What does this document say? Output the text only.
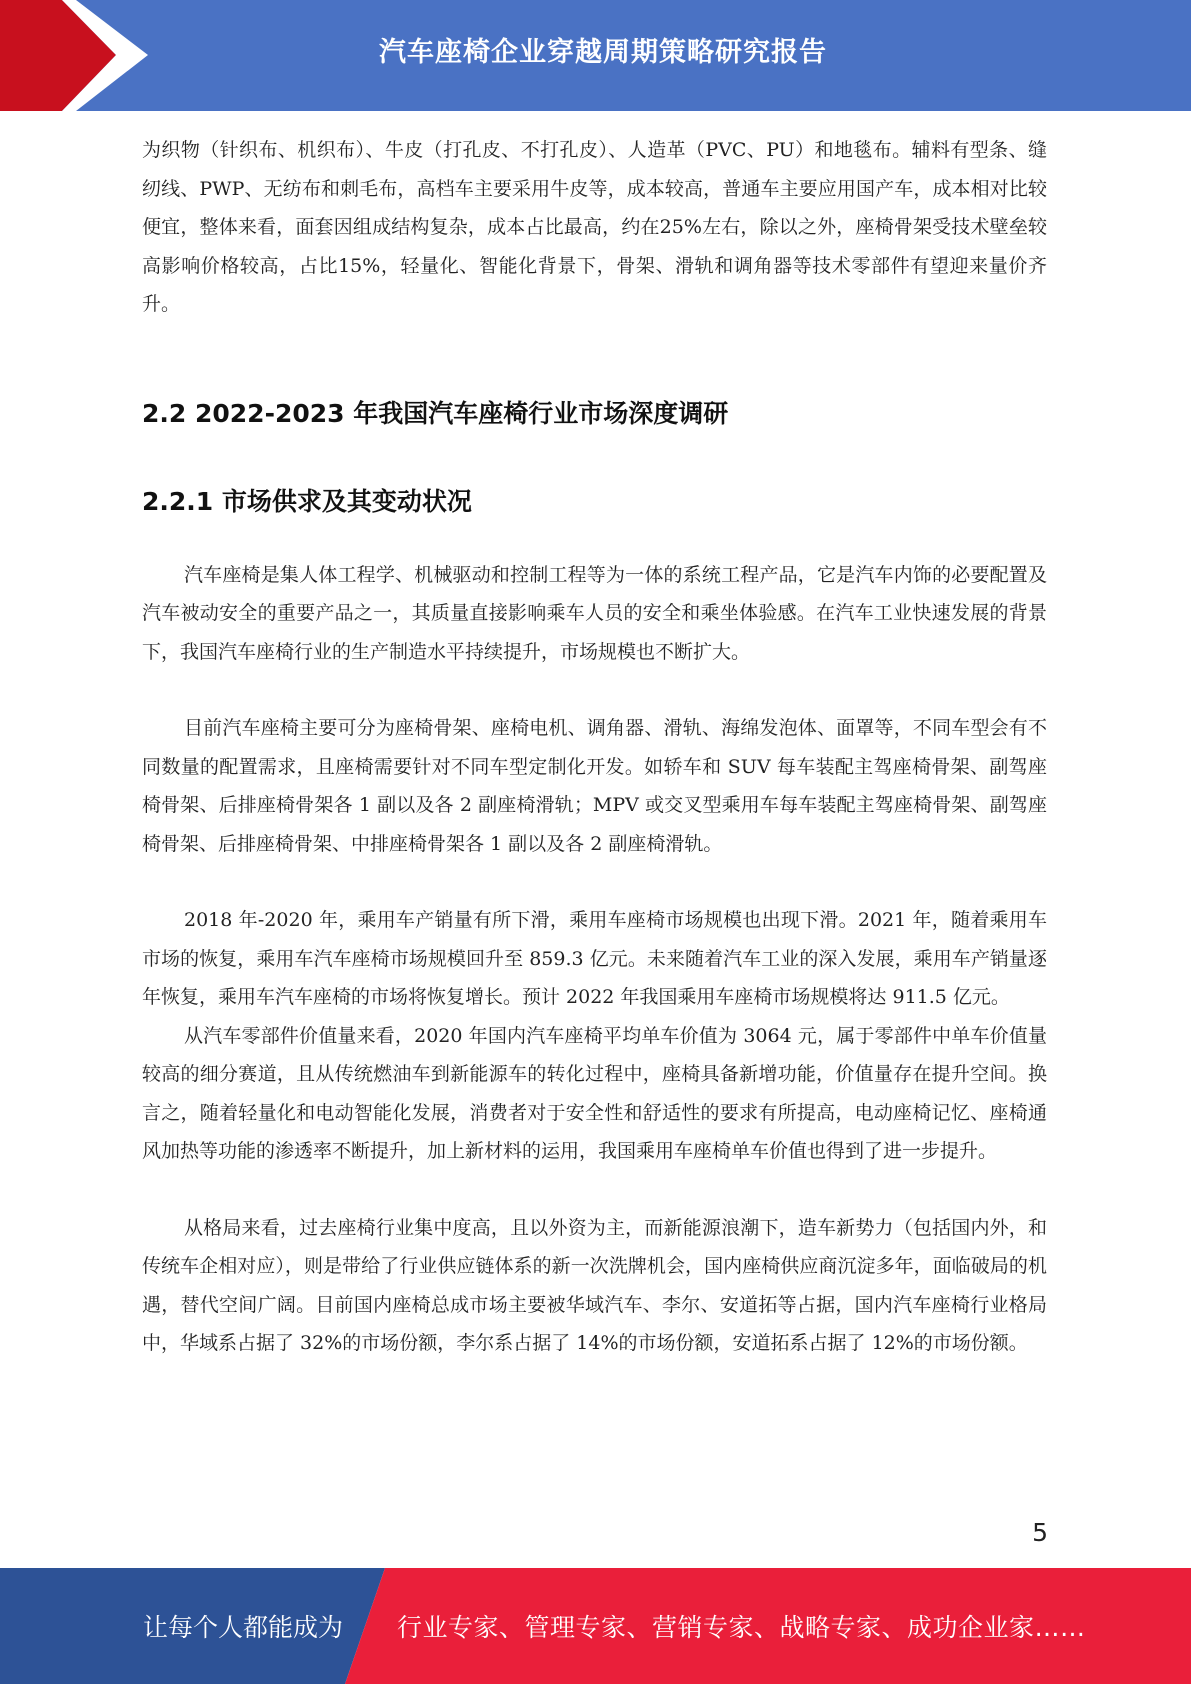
汽车座椅企业穿越周期策略研究报告

为织物（针织布、机织布）、牛皮（打孔皮、不打孔皮）、人造革（PVC、PU）和地毯布。辅料有型条、缝纫线、PWP、无纺布和刺毛布，高档车主要采用牛皮等，成本较高，普通车主要应用国产车，成本相对比较便宜，整体来看，面套因组成结构复杂，成本占比最高，约在25%左右，除以之外，座椅骨架受技术壁垒较高影响价格较高，占比15%，轻量化、智能化背景下，骨架、滑轨和调角器等技术零部件有望迎来量价齐升。

2.2 2022-2023 年我国汽车座椅行业市场深度调研
2.2.1 市场供求及其变动状况

汽车座椅是集人体工程学、机械驱动和控制工程等为一体的系统工程产品，它是汽车内饰的必要配置及汽车被动安全的重要产品之一，其质量直接影响乘车人员的安全和乘坐体验感。在汽车工业快速发展的背景下，我国汽车座椅行业的生产制造水平持续提升，市场规模也不断扩大。

目前汽车座椅主要可分为座椅骨架、座椅电机、调角器、滑轨、海绵发泡体、面罩等，不同车型会有不同数量的配置需求，且座椅需要针对不同车型定制化开发。如轿车和 SUV 每车装配主驾座椅骨架、副驾座椅骨架、后排座椅骨架各 1 副以及各 2 副座椅滑轨；MPV 或交叉型乘用车每车装配主驾座椅骨架、副驾座椅骨架、后排座椅骨架、中排座椅骨架各 1 副以及各 2 副座椅滑轨。

2018 年-2020 年，乘用车产销量有所下滑，乘用车座椅市场规模也出现下滑。2021 年，随着乘用车市场的恢复，乘用车汽车座椅市场规模回升至 859.3 亿元。未来随着汽车工业的深入发展，乘用车产销量逐年恢复，乘用车汽车座椅的市场将恢复增长。预计 2022 年我国乘用车座椅市场规模将达 911.5 亿元。

从汽车零部件价值量来看，2020 年国内汽车座椅平均单车价值为 3064 元，属于零部件中单车价值量较高的细分赛道，且从传统燃油车到新能源车的转化过程中，座椅具备新增功能，价值量存在提升空间。换言之，随着轻量化和电动智能化发展，消费者对于安全性和舒适性的要求有所提高，电动座椅记忆、座椅通风加热等功能的渗透率不断提升，加上新材料的运用，我国乘用车座椅单车价值也得到了进一步提升。

从格局来看，过去座椅行业集中度高，且以外资为主，而新能源浪潮下，造车新势力（包括国内外，和传统车企相对应），则是带给了行业供应链体系的新一次洗牌机会，国内座椅供应商沉淀多年，面临破局的机遇，替代空间广阔。目前国内座椅总成市场主要被华域汽车、李尔、安道拓等占据，国内汽车座椅行业格局中，华域系占据了 32%的市场份额，李尔系占据了 14%的市场份额，安道拓系占据了 12%的市场份额。

5
让每个人都能成为 行业专家、管理专家、营销专家、战略专家、成功企业家……
